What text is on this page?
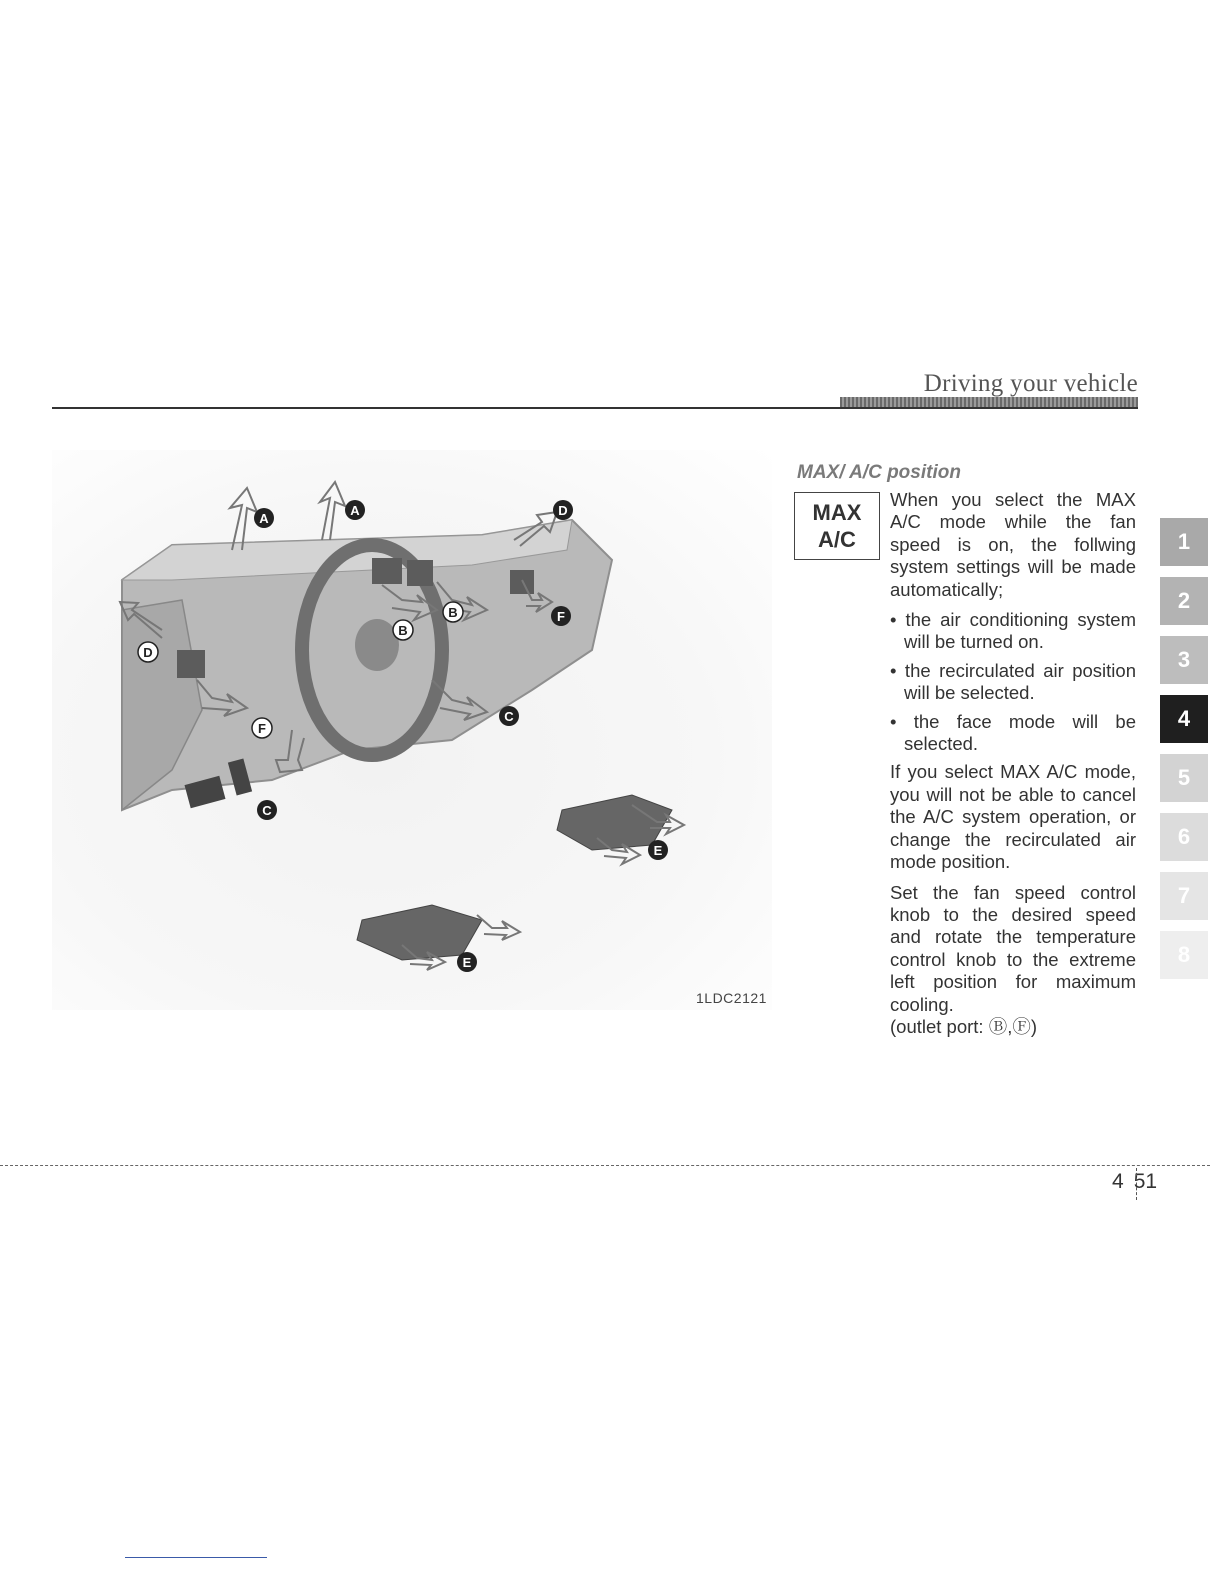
Driving your vehicle
A
A	D
B
B
F
D
F
C
C
E
E
1LDC2121
MAX/ A/C position
MAX
A/C

When you select the MAX A/C mode while the fan speed is on, the follwing system settings will be made automatically;

• the air conditioning system will be turned on.
• the recirculated air position will be selected.
• the face mode will be selected.

If you select MAX A/C mode, you will not be able to cancel the A/C system operation, or change the recirculated air mode position.

Set the fan speed control knob to the desired speed and rotate the temperature control knob to the extreme left position for maximum cooling.

(outlet port: Ⓑ,Ⓕ)

1
2
3
4
5
6
7
8
4 51
